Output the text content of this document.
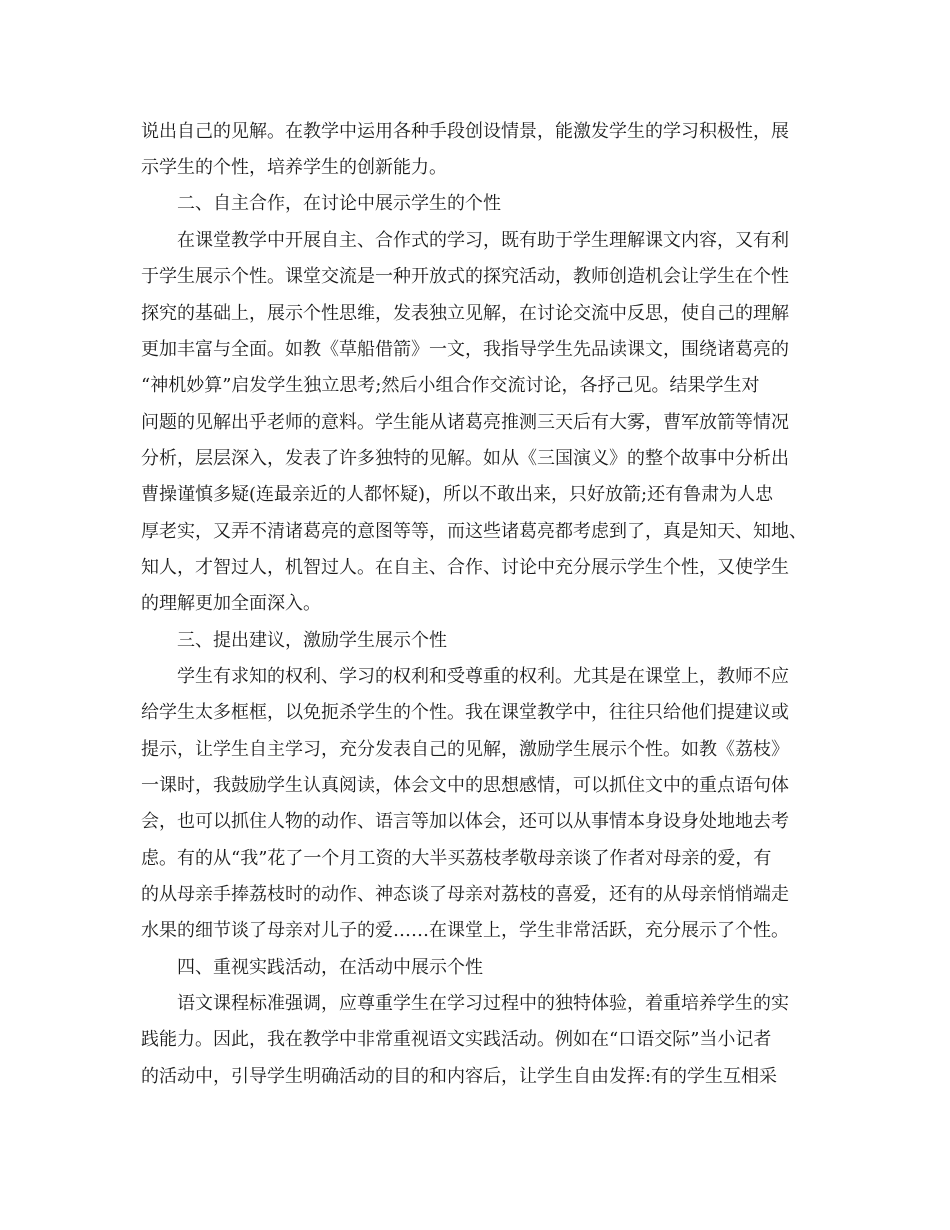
说出自己的见解。在教学中运用各种手段创设情景，能激发学生的学习积极性，展
示学生的个性，培养学生的创新能力。
二、自主合作，在讨论中展示学生的个性
在课堂教学中开展自主、合作式的学习，既有助于学生理解课文内容，又有利
于学生展示个性。课堂交流是一种开放式的探究活动，教师创造机会让学生在个性
探究的基础上，展示个性思维，发表独立见解，在讨论交流中反思，使自己的理解
更加丰富与全面。如教《草船借箭》一文，我指导学生先品读课文，围绕诸葛亮的
“神机妙算”启发学生独立思考;然后小组合作交流讨论，各抒己见。结果学生对
问题的见解出乎老师的意料。学生能从诸葛亮推测三天后有大雾，曹军放箭等情况
分析，层层深入，发表了许多独特的见解。如从《三国演义》的整个故事中分析出
曹操谨慎多疑(连最亲近的人都怀疑)，所以不敢出来，只好放箭;还有鲁肃为人忠
厚老实，又弄不清诸葛亮的意图等等，而这些诸葛亮都考虑到了，真是知天、知地、
知人，才智过人，机智过人。在自主、合作、讨论中充分展示学生个性，又使学生
的理解更加全面深入。
三、提出建议，激励学生展示个性
学生有求知的权利、学习的权利和受尊重的权利。尤其是在课堂上，教师不应
给学生太多框框，以免扼杀学生的个性。我在课堂教学中，往往只给他们提建议或
提示，让学生自主学习，充分发表自己的见解，激励学生展示个性。如教《荔枝》
一课时，我鼓励学生认真阅读，体会文中的思想感情，可以抓住文中的重点语句体
会，也可以抓住人物的动作、语言等加以体会，还可以从事情本身设身处地地去考
虑。有的从“我”花了一个月工资的大半买荔枝孝敬母亲谈了作者对母亲的爱，有
的从母亲手捧荔枝时的动作、神态谈了母亲对荔枝的喜爱，还有的从母亲悄悄端走
水果的细节谈了母亲对儿子的爱……在课堂上，学生非常活跃，充分展示了个性。
四、重视实践活动，在活动中展示个性
语文课程标准强调，应尊重学生在学习过程中的独特体验，着重培养学生的实
践能力。因此，我在教学中非常重视语文实践活动。例如在“口语交际”当小记者
的活动中，引导学生明确活动的目的和内容后，让学生自由发挥:有的学生互相采
